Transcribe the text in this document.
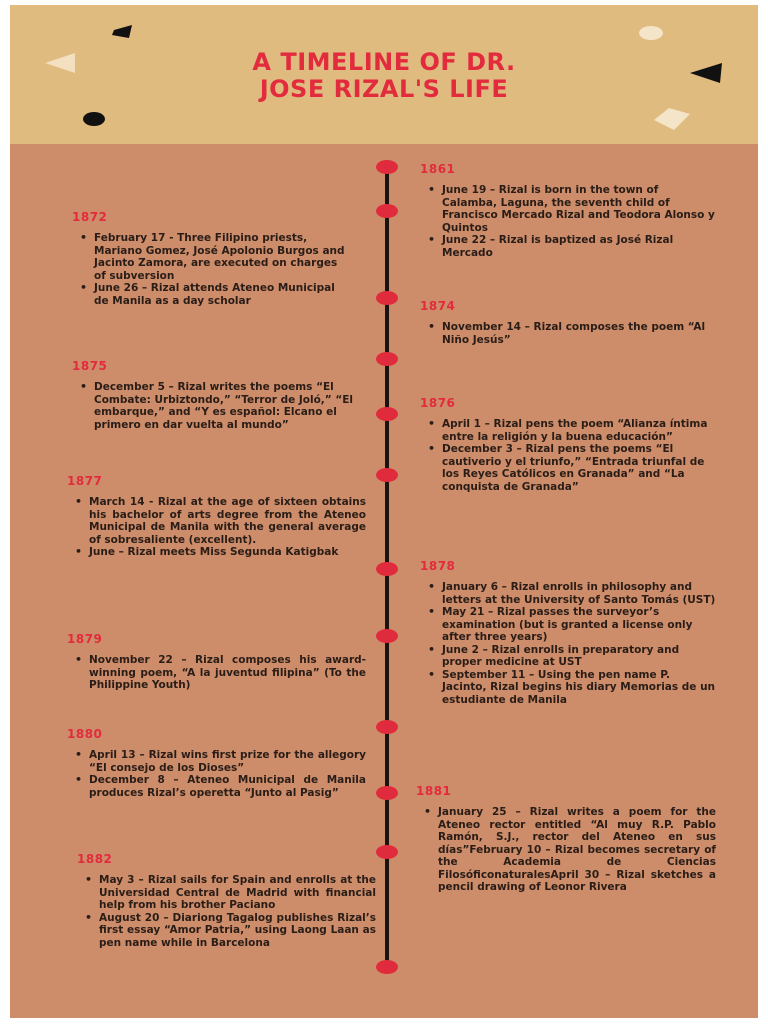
A TIMELINE OF DR.
JOSE RIZAL'S LIFE
1861
• June 19 – Rizal is born in the town of Calamba, Laguna, the seventh child of Francisco Mercado Rizal and Teodora Alonso y Quintos
• June 22 – Rizal is baptized as José Rizal Mercado
1874
• November 14 – Rizal composes the poem “Al Niño Jesús”
1876
• April 1 – Rizal pens the poem “Alianza íntima entre la religión y la buena educación”
• December 3 – Rizal pens the poems “El cautiverio y el triunfo,” “Entrada triunfal de los Reyes Católicos en Granada” and “La conquista de Granada”
1878
• January 6 – Rizal enrolls in philosophy and letters at the University of Santo Tomás (UST)
• May 21 – Rizal passes the surveyor’s examination (but is granted a license only after three years)
• June 2 – Rizal enrolls in preparatory and proper medicine at UST
• September 11 – Using the pen name P. Jacinto, Rizal begins his diary Memorias de un estudiante de Manila
1881
• January 25 – Rizal writes a poem for the Ateneo rector entitled “Al muy R.P. Pablo Ramón, S.J., rector del Ateneo en sus días”February 10 – Rizal becomes secretary of the Academia de Ciencias FilosóficonaturalesApril 30 – Rizal sketches a pencil drawing of Leonor Rivera
1872
• February 17 - Three Filipino priests, Mariano Gomez, José Apolonio Burgos and Jacinto Zamora, are executed on charges of subversion
• June 26 – Rizal attends Ateneo Municipal de Manila as a day scholar
1875
• December 5 – Rizal writes the poems “El Combate: Urbiztondo,” “Terror de Joló,” “El embarque,” and “Y es español: Elcano el primero en dar vuelta al mundo”
1877
• March 14 - Rizal at the age of sixteen obtains his bachelor of arts degree from the Ateneo Municipal de Manila with the general average of sobresaliente (excellent).
• June – Rizal meets Miss Segunda Katigbak
1879
• November 22 – Rizal composes his award-winning poem, “A la juventud filipina” (To the Philippine Youth)
1880
• April 13 – Rizal wins first prize for the allegory “El consejo de los Dioses”
• December 8 – Ateneo Municipal de Manila produces Rizal’s operetta “Junto al Pasig”
1882
• May 3 – Rizal sails for Spain and enrolls at the Universidad Central de Madrid with financial help from his brother Paciano
• August 20 – Diariong Tagalog publishes Rizal’s first essay “Amor Patria,” using Laong Laan as pen name while in Barcelona
